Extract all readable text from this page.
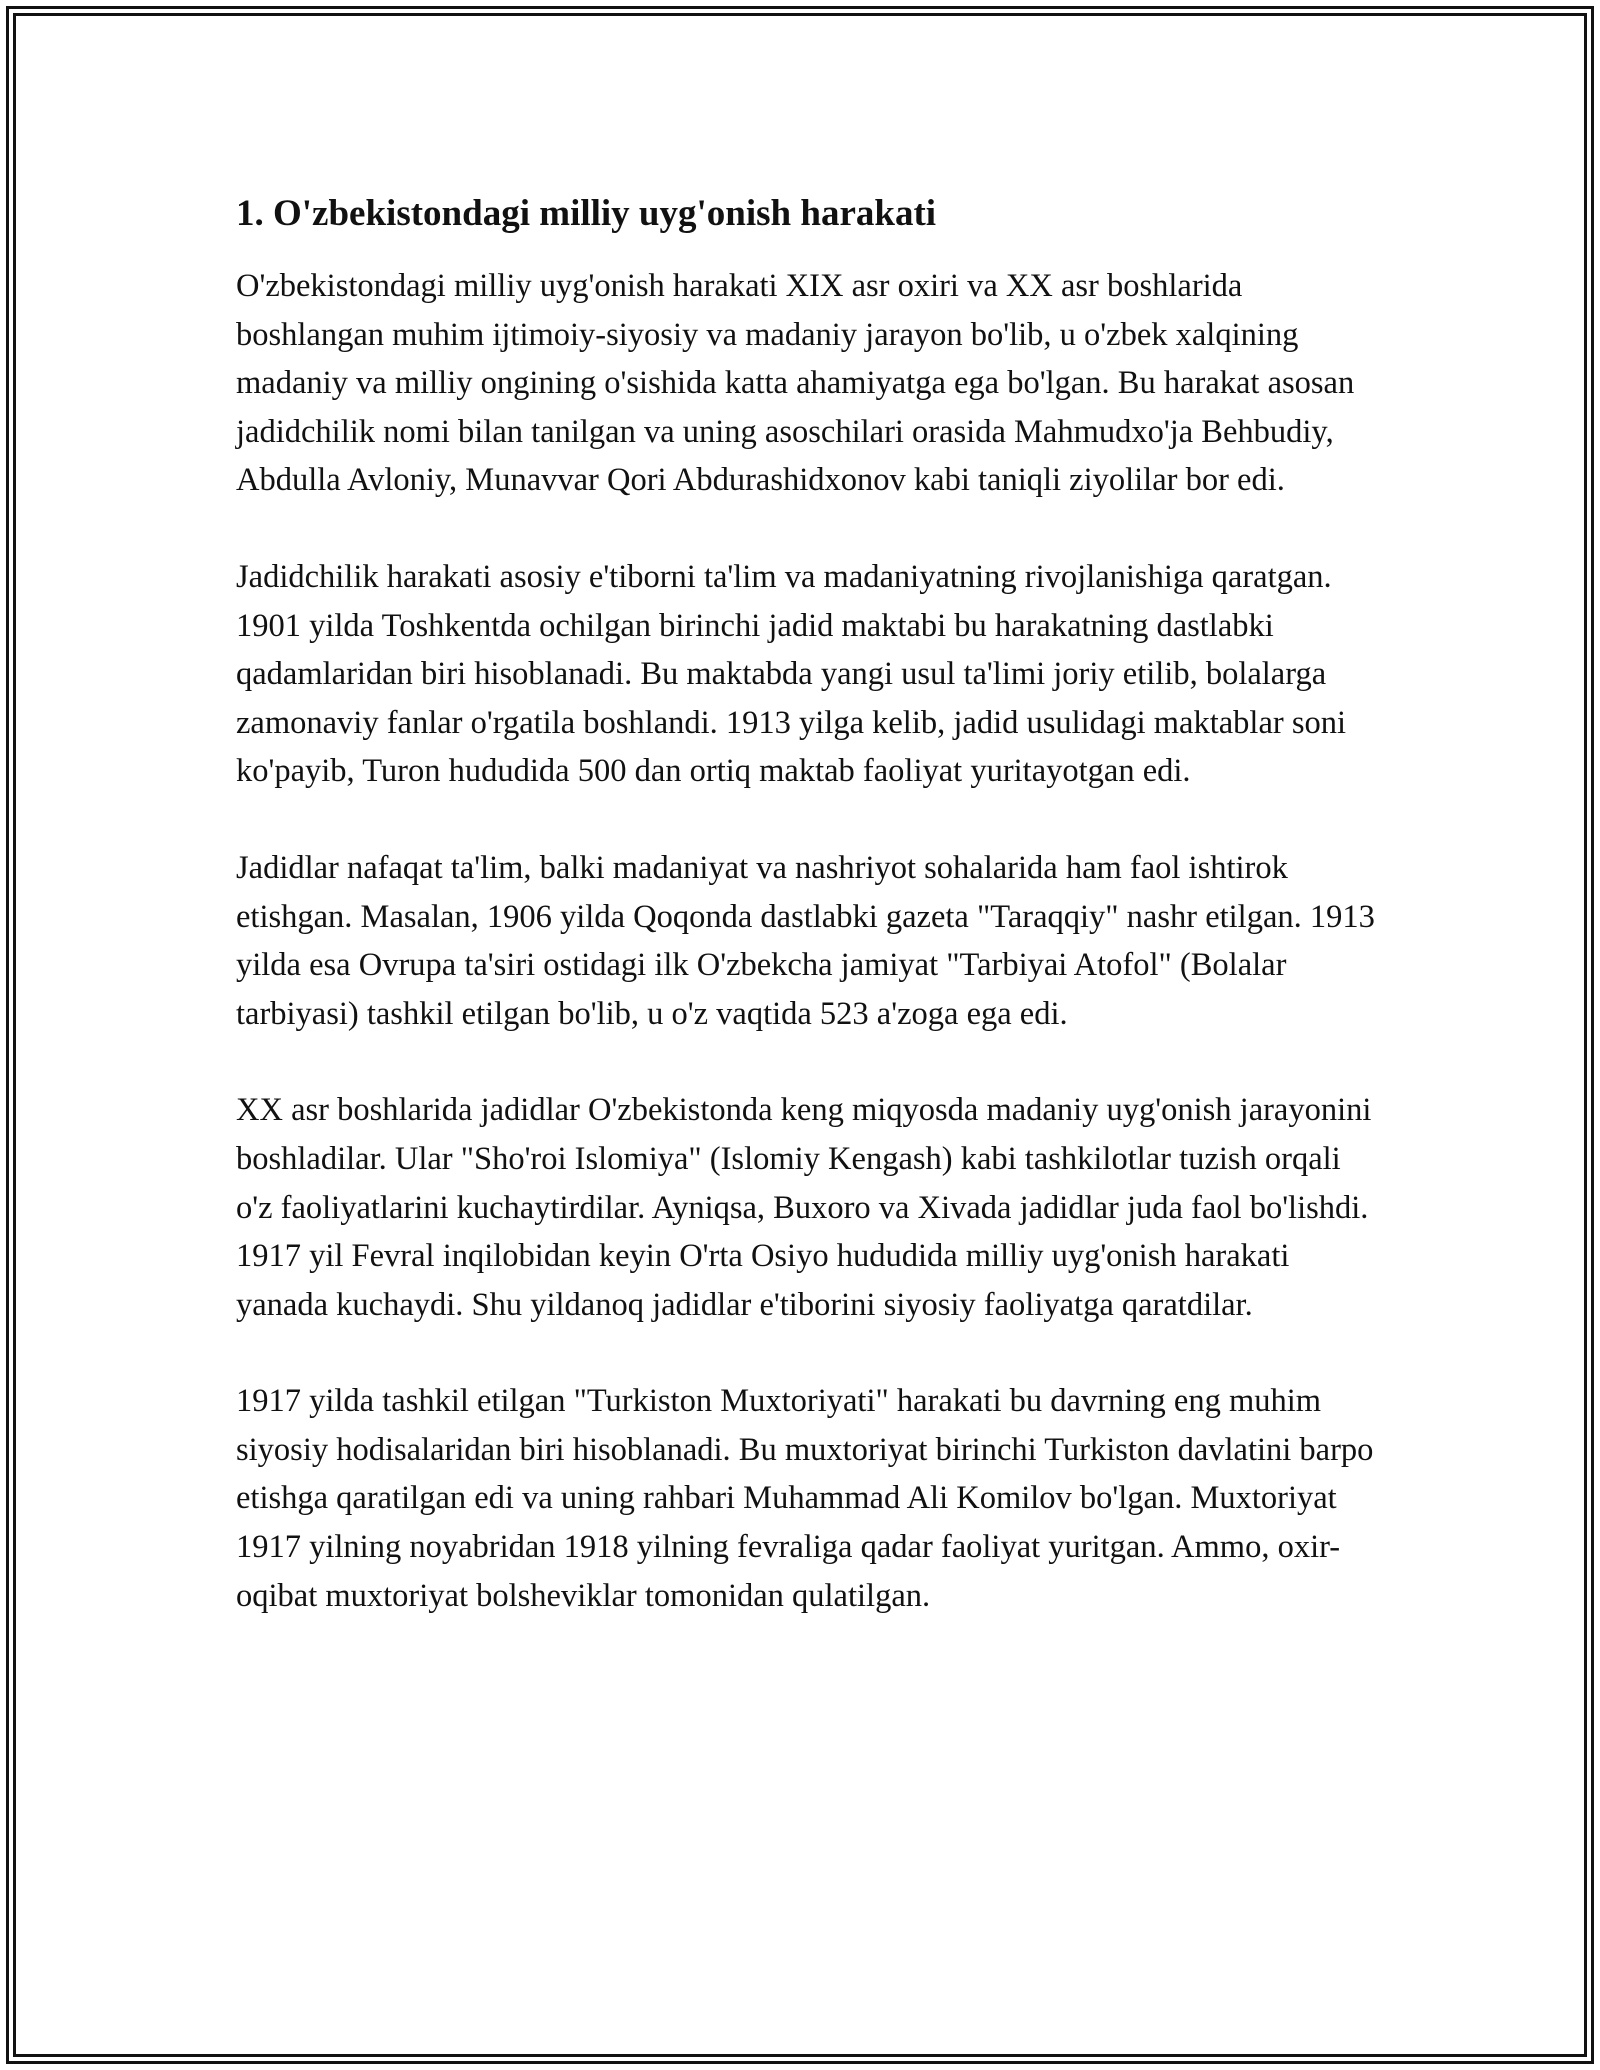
1. O'zbekistondagi milliy uyg'onish harakati

O'zbekistondagi milliy uyg'onish harakati XIX asr oxiri va XX asr boshlarida boshlangan muhim ijtimoiy-siyosiy va madaniy jarayon bo'lib, u o'zbek xalqining madaniy va milliy ongining o'sishida katta ahamiyatga ega bo'lgan. Bu harakat asosan jadidchilik nomi bilan tanilgan va uning asoschilari orasida Mahmudxo'ja Behbudiy, Abdulla Avloniy, Munavvar Qori Abdurashidxonov kabi taniqli ziyolilar bor edi.

Jadidchilik harakati asosiy e'tiborni ta'lim va madaniyatning rivojlanishiga qaratgan. 1901 yilda Toshkentda ochilgan birinchi jadid maktabi bu harakatning dastlabki qadamlaridan biri hisoblanadi. Bu maktabda yangi usul ta'limi joriy etilib, bolalarga zamonaviy fanlar o'rgatila boshlandi. 1913 yilga kelib, jadid usulidagi maktablar soni ko'payib, Turon hududida 500 dan ortiq maktab faoliyat yuritayotgan edi.

Jadidlar nafaqat ta'lim, balki madaniyat va nashriyot sohalarida ham faol ishtirok etishgan. Masalan, 1906 yilda Qoqonda dastlabki gazeta "Taraqqiy" nashr etilgan. 1913 yilda esa Ovrupa ta'siri ostidagi ilk O'zbekcha jamiyat "Tarbiyai Atofol" (Bolalar tarbiyasi) tashkil etilgan bo'lib, u o'z vaqtida 523 a'zoga ega edi.

XX asr boshlarida jadidlar O'zbekistonda keng miqyosda madaniy uyg'onish jarayonini boshladilar. Ular "Sho'roi Islomiya" (Islomiy Kengash) kabi tashkilotlar tuzish orqali o'z faoliyatlarini kuchaytirdilar. Ayniqsa, Buxoro va Xivada jadidlar juda faol bo'lishdi. 1917 yil Fevral inqilobidan keyin O'rta Osiyo hududida milliy uyg'onish harakati yanada kuchaydi. Shu yildanoq jadidlar e'tiborini siyosiy faoliyatga qaratdilar.

1917 yilda tashkil etilgan "Turkiston Muxtoriyati" harakati bu davrning eng muhim siyosiy hodisalaridan biri hisoblanadi. Bu muxtoriyat birinchi Turkiston davlatini barpo etishga qaratilgan edi va uning rahbari Muhammad Ali Komilov bo'lgan. Muxtoriyat 1917 yilning noyabridan 1918 yilning fevraliga qadar faoliyat yuritgan. Ammo, oxir-oqibat muxtoriyat bolsheviklar tomonidan qulatilgan.
